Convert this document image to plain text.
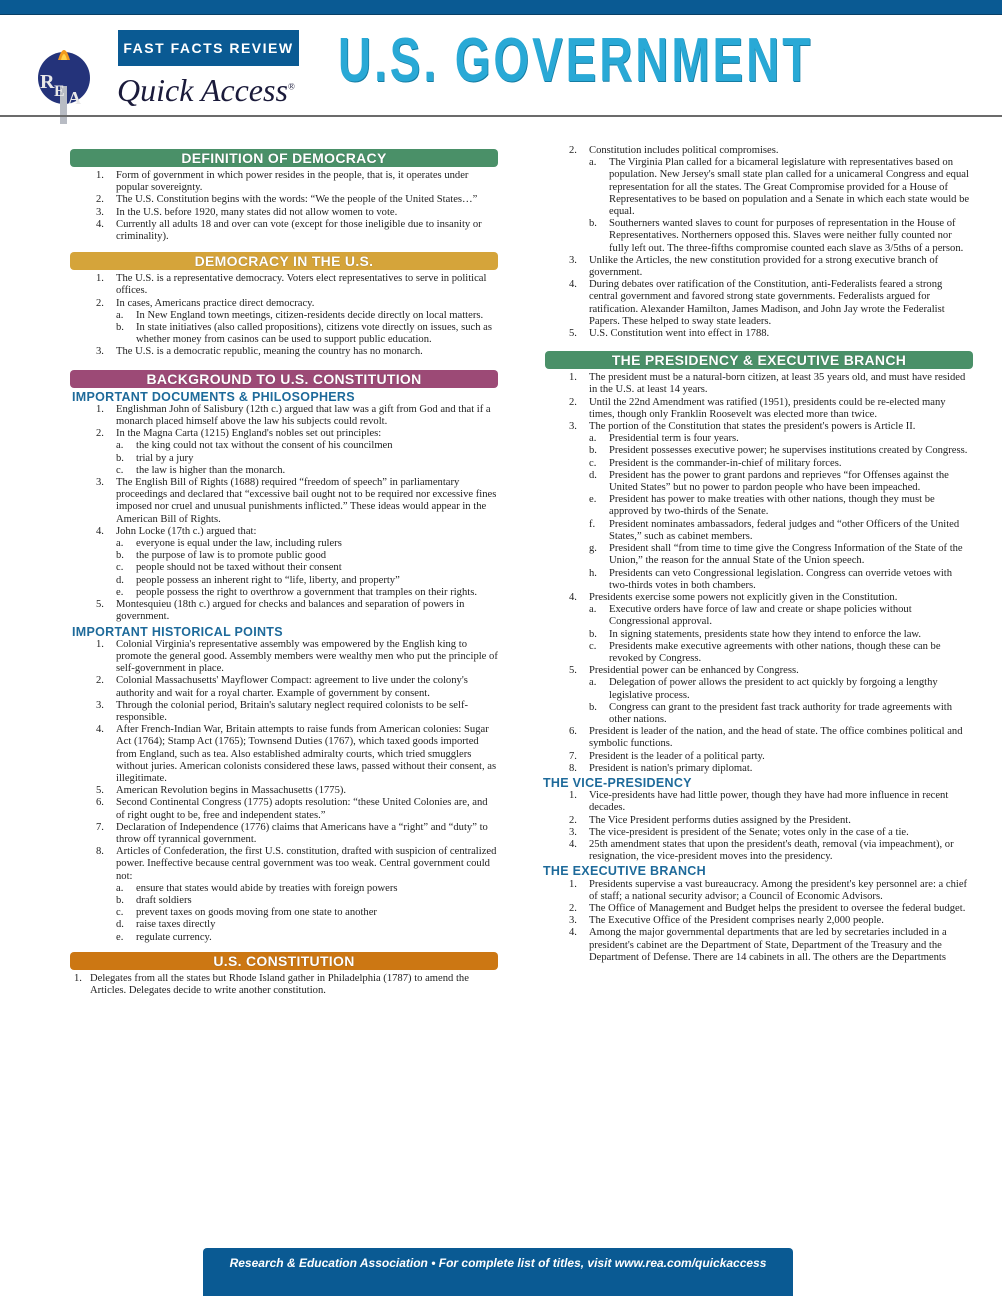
R E A
FAST FACTS REVIEW
Quick Access® U.S. GOVERNMENT
DEFINITION OF DEMOCRACY
1. Form of government in which power resides in the people, that is, it operates under popular sovereignty.
2. The U.S. Constitution begins with the words: “We the people of the United States…”
3. In the U.S. before 1920, many states did not allow women to vote.
4. Currently all adults 18 and over can vote (except for those ineligible due to insanity or criminality).
DEMOCRACY IN THE U.S.
1. The U.S. is a representative democracy. Voters elect representatives to serve in political offices.
2. In cases, Americans practice direct democracy.
a. In New England town meetings, citizen-residents decide directly on local matters.
b. In state initiatives (also called propositions), citizens vote directly on issues, such as whether money from casinos can be used to support public education.
3. The U.S. is a democratic republic, meaning the country has no monarch.
BACKGROUND TO U.S. CONSTITUTION
IMPORTANT DOCUMENTS & PHILOSOPHERS
1. Englishman John of Salisbury (12th c.) argued that law was a gift from God and that if a monarch placed himself above the law his subjects could revolt.
2. In the Magna Carta (1215) England's nobles set out principles:
a. the king could not tax without the consent of his councilmen
b. trial by a jury
c. the law is higher than the monarch.
3. The English Bill of Rights (1688) required “freedom of speech” in parliamentary proceedings and declared that “excessive bail ought not to be required nor excessive fines imposed nor cruel and unusual punishments inflicted.” These ideas would appear in the American Bill of Rights.
4. John Locke (17th c.) argued that:
a. everyone is equal under the law, including rulers
b. the purpose of law is to promote public good
c. people should not be taxed without their consent
d. people possess an inherent right to “life, liberty, and property”
e. people possess the right to overthrow a government that tramples on their rights.
5. Montesquieu (18th c.) argued for checks and balances and separation of powers in government.
IMPORTANT HISTORICAL POINTS
1. Colonial Virginia's representative assembly was empowered by the English king to promote the general good. Assembly members were wealthy men who put the principle of self-government in place.
2. Colonial Massachusetts' Mayflower Compact: agreement to live under the colony's authority and wait for a royal charter. Example of government by consent.
3. Through the colonial period, Britain's salutary neglect required colonists to be self-responsible.
4. After French-Indian War, Britain attempts to raise funds from American colonies: Sugar Act (1764); Stamp Act (1765); Townsend Duties (1767), which taxed goods imported from England, such as tea. Also established admiralty courts, which tried smugglers without juries. American colonists considered these laws, passed without their consent, as illegitimate.
5. American Revolution begins in Massachusetts (1775).
6. Second Continental Congress (1775) adopts resolution: “these United Colonies are, and of right ought to be, free and independent states.”
7. Declaration of Independence (1776) claims that Americans have a “right” and “duty” to throw off tyrannical government.
8. Articles of Confederation, the first U.S. constitution, drafted with suspicion of centralized power. Ineffective because central government was too weak. Central government could not:
a. ensure that states would abide by treaties with foreign powers
b. draft soldiers
c. prevent taxes on goods moving from one state to another
d. raise taxes directly
e. regulate currency.
U.S. CONSTITUTION
1. Delegates from all the states but Rhode Island gather in Philadelphia (1787) to amend the Articles. Delegates decide to write another constitution.
2. Constitution includes political compromises.
a. The Virginia Plan called for a bicameral legislature with representatives based on population. New Jersey's small state plan called for a unicameral Congress and equal representation for all the states. The Great Compromise provided for a House of Representatives to be based on population and a Senate in which each state would be equal.
b. Southerners wanted slaves to count for purposes of representation in the House of Representatives. Northerners opposed this. Slaves were neither fully counted nor fully left out. The three-fifths compromise counted each slave as 3/5ths of a person.
3. Unlike the Articles, the new constitution provided for a strong executive branch of government.
4. During debates over ratification of the Constitution, anti-Federalists feared a strong central government and favored strong state governments. Federalists argued for ratification. Alexander Hamilton, James Madison, and John Jay wrote the Federalist Papers. These helped to sway state leaders.
5. U.S. Constitution went into effect in 1788.
THE PRESIDENCY & EXECUTIVE BRANCH
1. The president must be a natural-born citizen, at least 35 years old, and must have resided in the U.S. at least 14 years.
2. Until the 22nd Amendment was ratified (1951), presidents could be re-elected many times, though only Franklin Roosevelt was elected more than twice.
3. The portion of the Constitution that states the president's powers is Article II.
a. Presidential term is four years.
b. President possesses executive power; he supervises institutions created by Congress.
c. President is the commander-in-chief of military forces.
d. President has the power to grant pardons and reprieves “for Offenses against the United States” but no power to pardon people who have been impeached.
e. President has power to make treaties with other nations, though they must be approved by two-thirds of the Senate.
f. President nominates ambassadors, federal judges and “other Officers of the United States,” such as cabinet members.
g. President shall “from time to time give the Congress Information of the State of the Union,” the reason for the annual State of the Union speech.
h. Presidents can veto Congressional legislation. Congress can override vetoes with two-thirds votes in both chambers.
4. Presidents exercise some powers not explicitly given in the Constitution.
a. Executive orders have force of law and create or shape policies without Congressional approval.
b. In signing statements, presidents state how they intend to enforce the law.
c. Presidents make executive agreements with other nations, though these can be revoked by Congress.
5. Presidential power can be enhanced by Congress.
a. Delegation of power allows the president to act quickly by forgoing a lengthy legislative process.
b. Congress can grant to the president fast track authority for trade agreements with other nations.
6. President is leader of the nation, and the head of state. The office combines political and symbolic functions.
7. President is the leader of a political party.
8. President is nation's primary diplomat.
THE VICE-PRESIDENCY
1. Vice-presidents have had little power, though they have had more influence in recent decades.
2. The Vice President performs duties assigned by the President.
3. The vice-president is president of the Senate; votes only in the case of a tie.
4. 25th amendment states that upon the president's death, removal (via impeachment), or resignation, the vice-president moves into the presidency.
THE EXECUTIVE BRANCH
1. Presidents supervise a vast bureaucracy. Among the president's key personnel are: a chief of staff; a national security advisor; a Council of Economic Advisors.
2. The Office of Management and Budget helps the president to oversee the federal budget.
3. The Executive Office of the President comprises nearly 2,000 people.
4. Among the major governmental departments that are led by secretaries included in a president's cabinet are the Department of State, Department of the Treasury and the Department of Defense. There are 14 cabinets in all. The others are the Departments
Research & Education Association • For complete list of titles, visit www.rea.com/quickaccess
